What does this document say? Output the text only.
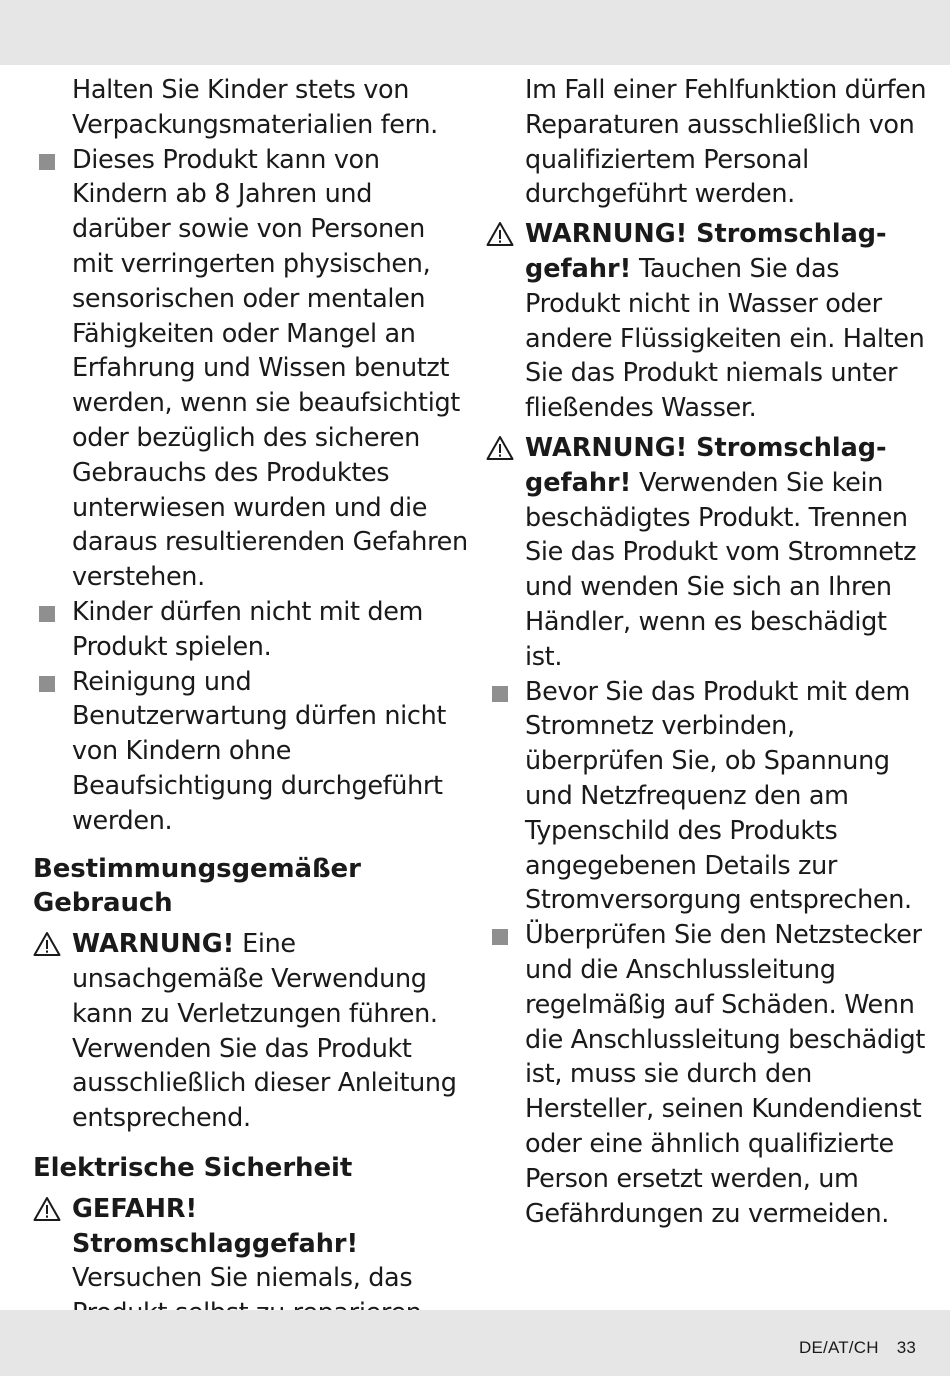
Halten Sie Kinder stets von Verpackungsmaterialien fern.
Dieses Produkt kann von Kindern ab 8 Jahren und darüber sowie von Personen mit verringerten physischen, sensorischen oder mentalen Fähigkeiten oder Mangel an Erfahrung und Wissen benutzt werden, wenn sie beaufsichtigt oder bezüglich des sicheren Gebrauchs des Produktes unterwiesen wurden und die daraus resultierenden Gefahren verstehen.
Kinder dürfen nicht mit dem Produkt spielen.
Reinigung und Benutzerwartung dürfen nicht von Kindern ohne Beaufsichtigung durchgeführt werden.
Bestimmungsgemäßer
Gebrauch
WARNUNG! Eine unsachgemäße Verwendung kann zu Verletzungen führen. Verwenden Sie das Produkt ausschließlich dieser Anleitung entsprechend.
Elektrische Sicherheit
GEFAHR!
Stromschlaggefahr!
Versuchen Sie niemals, das
Im Fall einer Fehlfunktion dürfen Reparaturen ausschließlich von qualifiziertem Personal durchgeführt werden.
WARNUNG! Stromschlag-
gefahr! Tauchen Sie das Produkt nicht in Wasser oder andere Flüssigkeiten ein. Halten Sie das Produkt niemals unter fließendes Wasser.
WARNUNG! Stromschlag-
gefahr! Verwenden Sie kein beschädigtes Produkt. Trennen Sie das Produkt vom Stromnetz und wenden Sie sich an Ihren Händler, wenn es beschädigt ist.
Bevor Sie das Produkt mit dem Stromnetz verbinden, überprüfen Sie, ob Spannung und Netzfrequenz den am Typenschild des Produkts angegebenen Details zur Stromversorgung entsprechen.
Überprüfen Sie den Netzstecker und die Anschlussleitung regelmäßig auf Schäden. Wenn die Anschlussleitung beschädigt ist, muss sie durch den Hersteller, seinen Kundendienst oder eine ähnlich qualifizierte Person ersetzt werden, um Gefährdungen zu vermeiden.
DE/AT/CH 33
